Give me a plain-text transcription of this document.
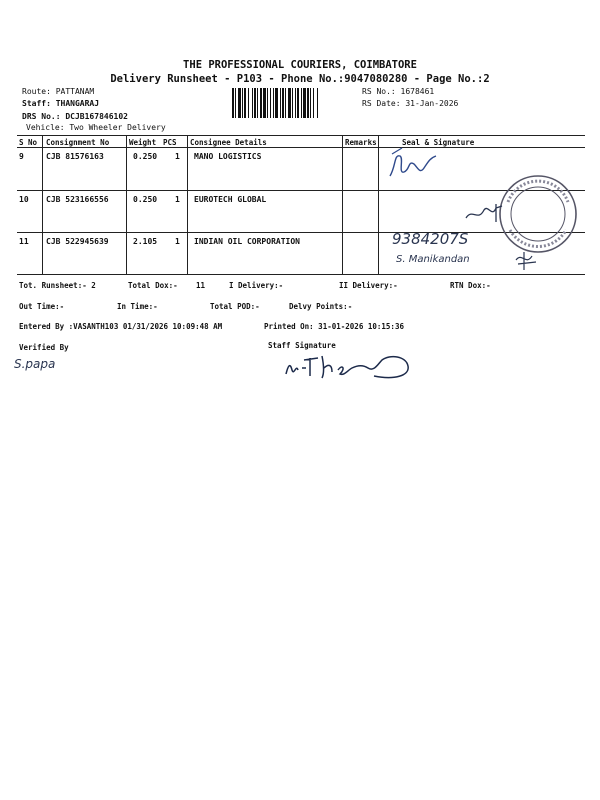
THE PROFESSIONAL COURIERS, COIMBATORE
Delivery Runsheet - P103 - Phone No.:9047080280 - Page No.:2
Route: PATTANAM
Staff: THANGARAJ
DRS No.: DCJB167846102
Vehicle: Two Wheeler Delivery
RS No.: 1678461
RS Date: 31-Jan-2026
S No Consignment No	Weight PCS Consignee Details	Remarks	Seal & Signature
9	CJB 81576163	0.250 1 MANO LOGISTICS
10 CJB 523166556	0.250 1 EUROTECH GLOBAL
11 CJB 522945639	2.105 1 INDIAN OIL CORPORATION	9384207S
S. Manikandan
Tot. Runsheet:- 2	Total Dox:- 11	I Delivery:-	II Delivery:-	RTN Dox:-
Out Time:-	In Time:-	Total POD:-	Delvy Points:-
Entered By :VASANTH103 01/31/2026 10:09:48 AM	Printed On: 31-01-2026 10:15:36
Verified By	Staff Signature
S.papa
